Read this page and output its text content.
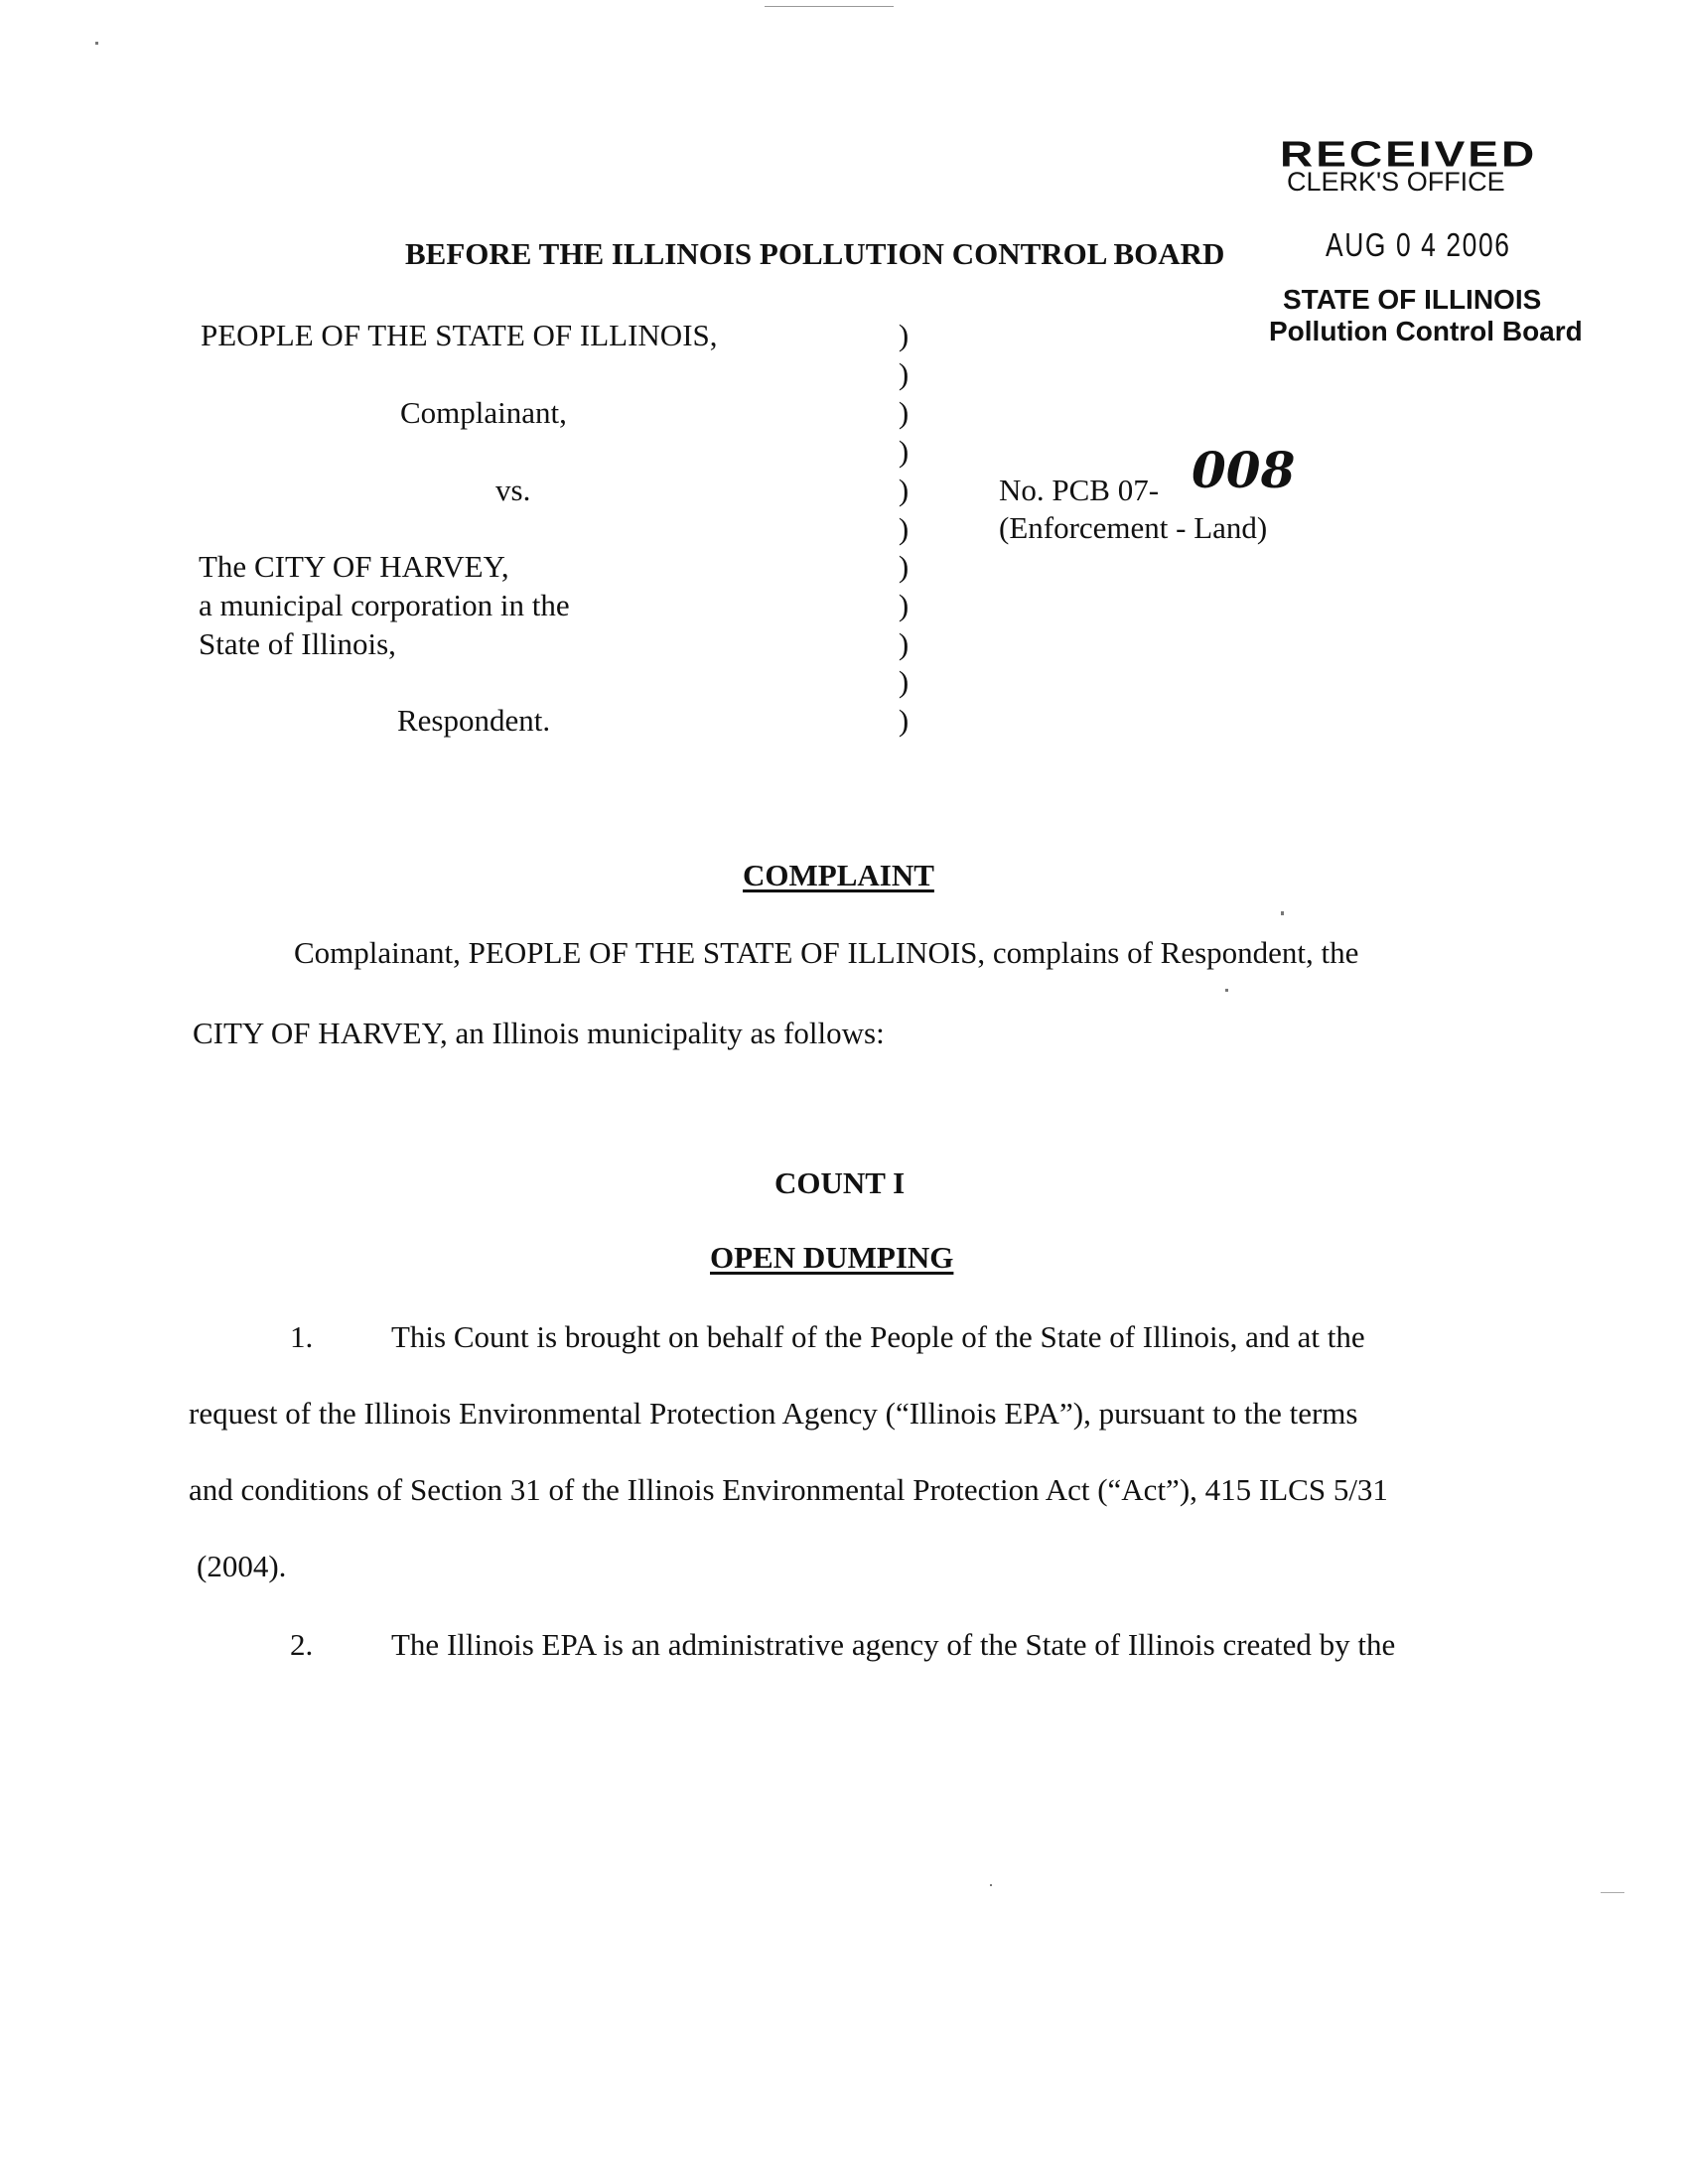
RECEIVED
CLERK'S OFFICE
AUG 0 4 2006
STATE OF ILLINOIS
Pollution Control Board
BEFORE THE ILLINOIS POLLUTION CONTROL BOARD
PEOPLE OF THE STATE OF ILLINOIS,
Complainant,
vs.
The CITY OF HARVEY,
a municipal corporation in the
State of Illinois,
Respondent.
)
)
)
)
)
)
)
)
)
)
)
No. PCB 07- 008
(Enforcement - Land)
COMPLAINT
Complainant, PEOPLE OF THE STATE OF ILLINOIS, complains of Respondent, the
CITY OF HARVEY, an Illinois municipality as follows:
COUNT I
OPEN DUMPING
1.	This Count is brought on behalf of the People of the State of Illinois, and at the
request of the Illinois Environmental Protection Agency (“Illinois EPA”), pursuant to the terms
and conditions of Section 31 of the Illinois Environmental Protection Act (“Act”), 415 ILCS 5/31
(2004).
2.	The Illinois EPA is an administrative agency of the State of Illinois created by the
